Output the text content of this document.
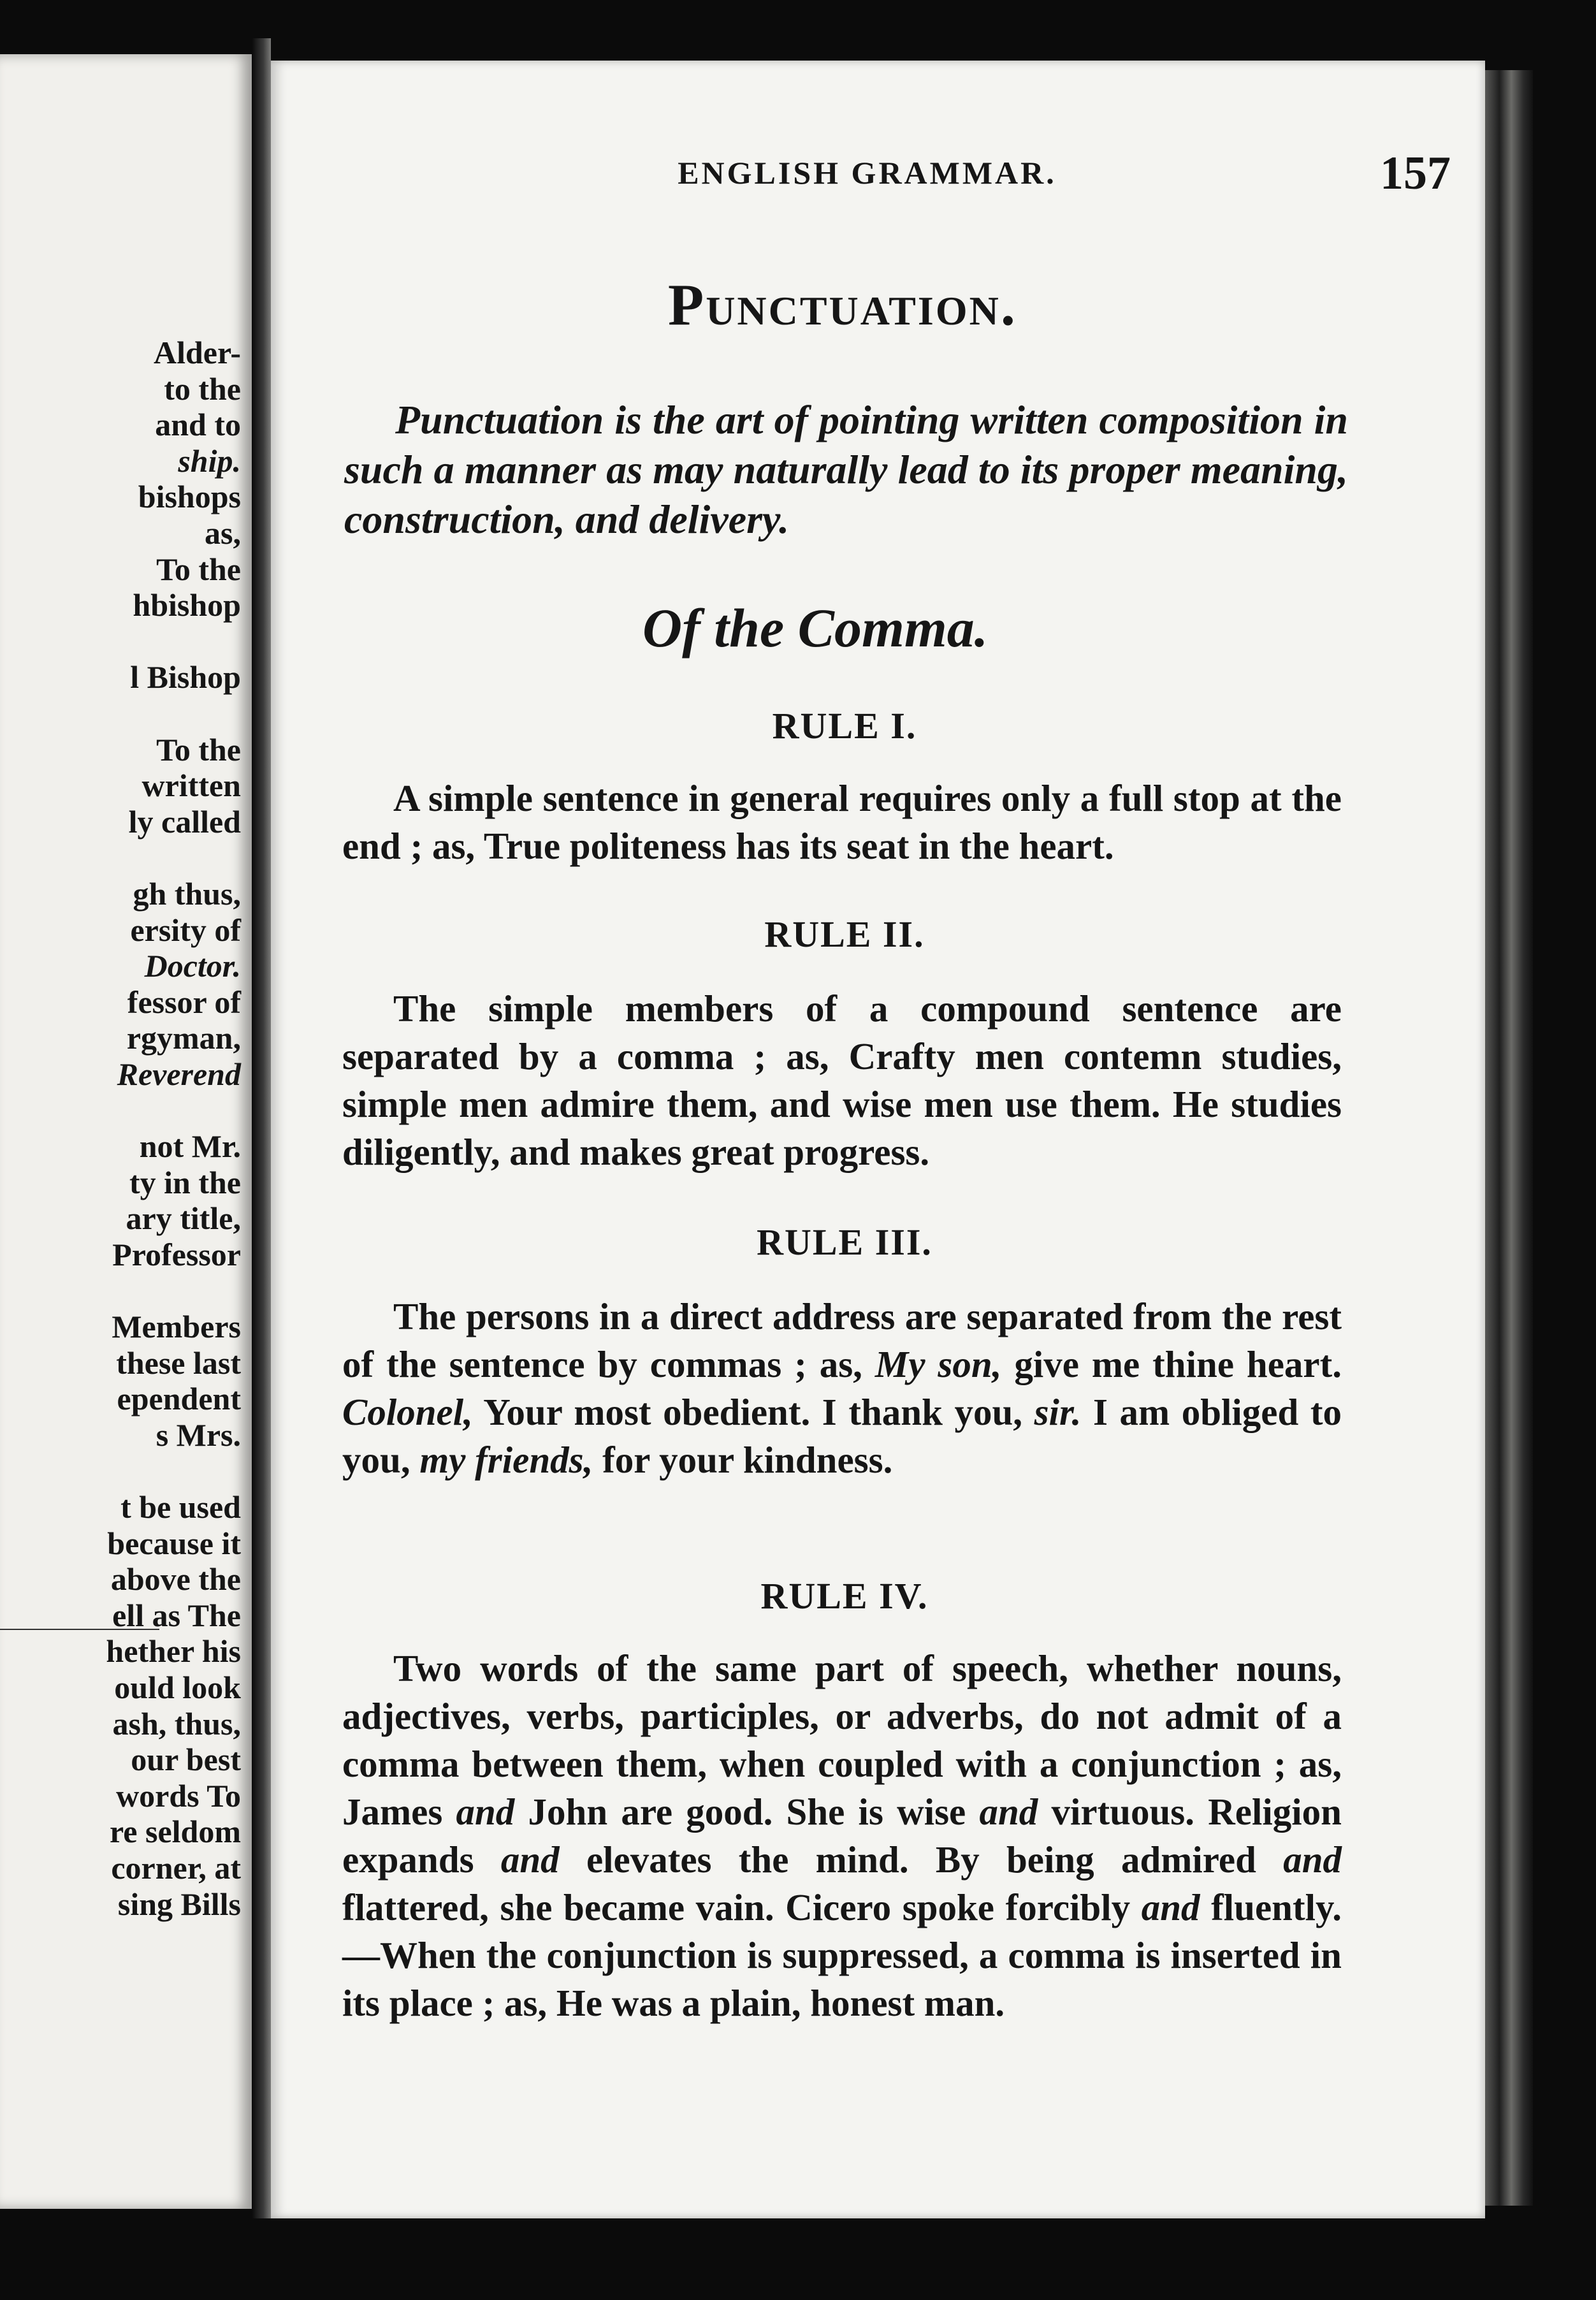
Alder-
to the
and to
ship.
bishops
as,
To the
hbishop
l Bishop
To the
written
ly called
gh thus,
ersity of
Doctor.
fessor of
rgyman,
Reverend
not Mr.
ty in the
ary title,
Professor
Members
these last
ependent
s Mrs.
t be used
because it
above the
ell as The
hether his
ould look
ash, thus,
our best
words To
re seldom
corner, at
sing Bills
ENGLISH GRAMMAR.	157
Punctuation.
Punctuation is the art of pointing written composition in such a manner as may naturally lead to its proper meaning, construction, and delivery.
Of the Comma.
RULE I.
A simple sentence in general requires only a full stop at the end ; as, True politeness has its seat in the heart.
RULE II.
The simple members of a compound sentence are separated by a comma ; as, Crafty men contemn studies, simple men admire them, and wise men use them. He studies diligently, and makes great progress.
RULE III.
The persons in a direct address are separated from the rest of the sentence by commas ; as, My son, give me thine heart. Colonel, Your most obedient. I thank you, sir. I am obliged to you, my friends, for your kindness.
RULE IV.
Two words of the same part of speech, whether nouns, adjectives, verbs, participles, or adverbs, do not admit of a comma between them, when coupled with a conjunction ; as, James and John are good. She is wise and virtuous. Religion expands and elevates the mind. By being admired and flattered, she became vain. Cicero spoke forcibly and fluently. —When the conjunction is suppressed, a comma is inserted in its place ; as, He was a plain, honest man.
